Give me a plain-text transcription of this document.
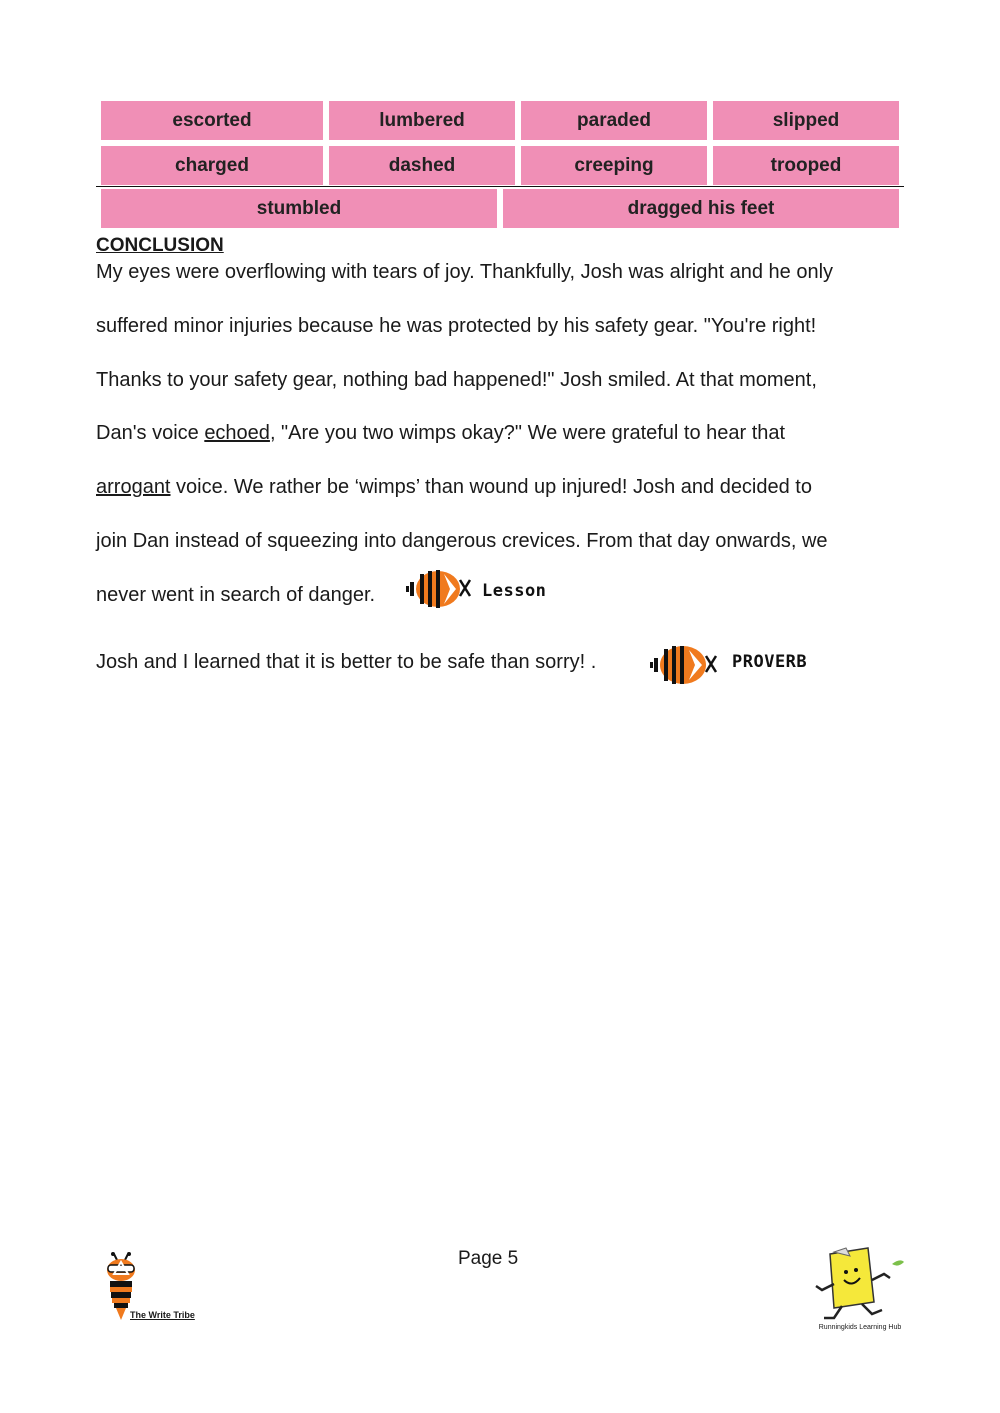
escorted	lumbered	paraded	slipped
charged	dashed	creeping	trooped
stumbled	dragged his feet
CONCLUSION
My eyes were overflowing with tears of joy. Thankfully, Josh was alright and he only
suffered minor injuries because he was protected by his safety gear. "You're right!
Thanks to your safety gear, nothing bad happened!" Josh smiled. At that moment,
Dan's voice echoed, "Are you two wimps okay?" We were grateful to hear that
arrogant voice. We rather be ‘wimps’ than wound up injured! Josh and decided to
join Dan instead of squeezing into dangerous crevices. From that day onwards, we
never went in search of danger.	Lesson
Josh and I learned that it is better to be safe than sorry! .	PROVERB
Page 5
The Write Tribe
Runningkids Learning Hub
